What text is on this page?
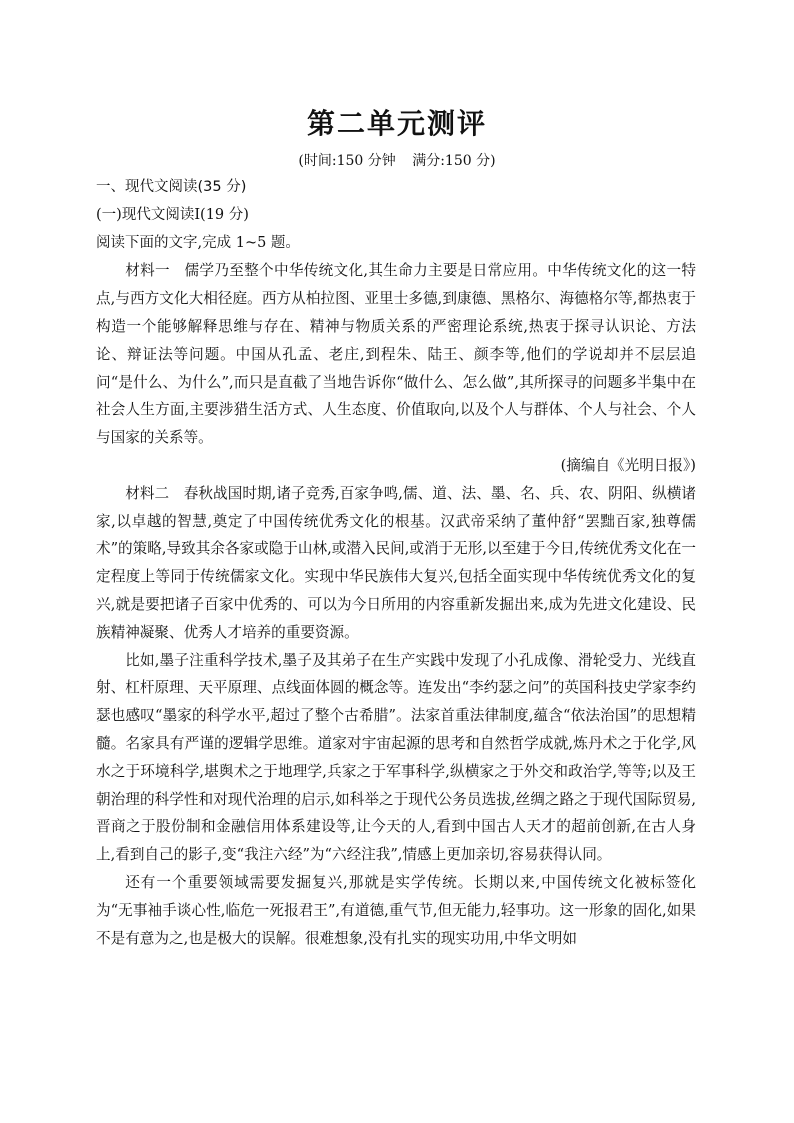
第二单元测评
(时间:150 分钟 满分:150 分)

一、现代文阅读(35 分)

(一)现代文阅读Ⅰ(19 分)

阅读下面的文字,完成 1~5 题。

材料一 儒学乃至整个中华传统文化,其生命力主要是日常应用。中华传统文化的这一特点,与西方文化大相径庭。西方从柏拉图、亚里士多德,到康德、黑格尔、海德格尔等,都热衷于构造一个能够解释思维与存在、精神与物质关系的严密理论系统,热衷于探寻认识论、方法论、辩证法等问题。中国从孔孟、老庄,到程朱、陆王、颜李等,他们的学说却并不层层追问“是什么、为什么”,而只是直截了当地告诉你“做什么、怎么做”,其所探寻的问题多半集中在社会人生方面,主要涉猎生活方式、人生态度、价值取向,以及个人与群体、个人与社会、个人与国家的关系等。

(摘编自《光明日报》)

材料二 春秋战国时期,诸子竞秀,百家争鸣,儒、道、法、墨、名、兵、农、阴阳、纵横诸家,以卓越的智慧,奠定了中国传统优秀文化的根基。汉武帝采纳了董仲舒“罢黜百家,独尊儒术”的策略,导致其余各家或隐于山林,或潜入民间,或消于无形,以至建于今日,传统优秀文化在一定程度上等同于传统儒家文化。实现中华民族伟大复兴,包括全面实现中华传统优秀文化的复兴,就是要把诸子百家中优秀的、可以为今日所用的内容重新发掘出来,成为先进文化建设、民族精神凝聚、优秀人才培养的重要资源。

比如,墨子注重科学技术,墨子及其弟子在生产实践中发现了小孔成像、滑轮受力、光线直射、杠杆原理、天平原理、点线面体圆的概念等。连发出“李约瑟之问”的英国科技史学家李约瑟也感叹“墨家的科学水平,超过了整个古希腊”。法家首重法律制度,蕴含“依法治国”的思想精髓。名家具有严谨的逻辑学思维。道家对宇宙起源的思考和自然哲学成就,炼丹术之于化学,风水之于环境科学,堪舆术之于地理学,兵家之于军事科学,纵横家之于外交和政治学,等等;以及王朝治理的科学性和对现代治理的启示,如科举之于现代公务员选拔,丝绸之路之于现代国际贸易,晋商之于股份制和金融信用体系建设等,让今天的人,看到中国古人天才的超前创新,在古人身上,看到自己的影子,变“我注六经”为“六经注我”,情感上更加亲切,容易获得认同。

还有一个重要领域需要发掘复兴,那就是实学传统。长期以来,中国传统文化被标签化为“无事袖手谈心性,临危一死报君王”,有道德,重气节,但无能力,轻事功。这一形象的固化,如果不是有意为之,也是极大的误解。很难想象,没有扎实的现实功用,中华文明如
